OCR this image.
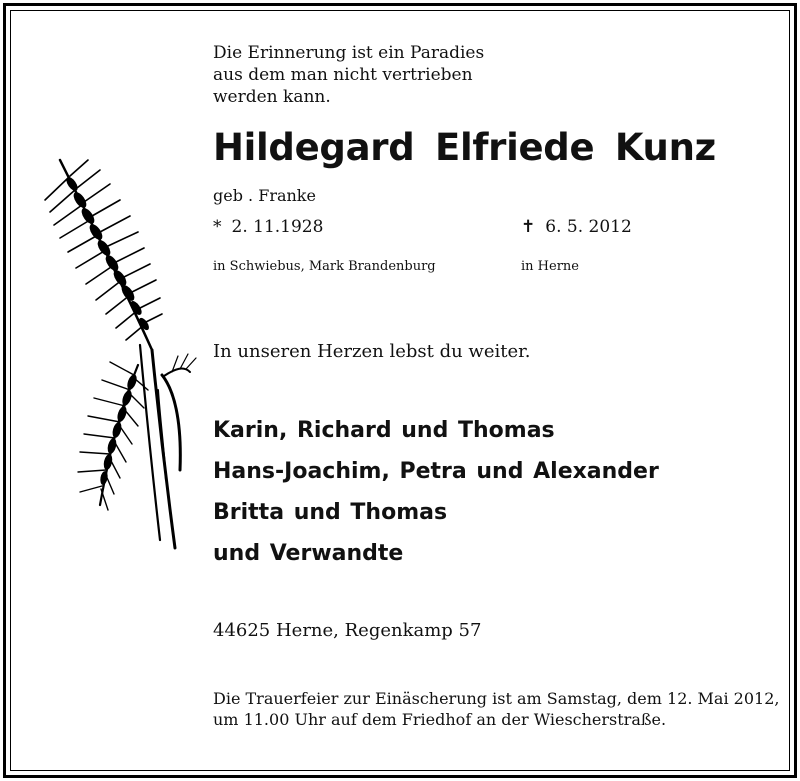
Die Erinnerung ist ein Paradies
aus dem man nicht vertrieben
werden kann.
Hildegard Elfriede Kunz
geb . Franke
* 2. 11.1928	✝ 6. 5. 2012
in Schwiebus, Mark Brandenburg	in Herne
In unseren Herzen lebst du weiter.
Karin, Richard und Thomas
Hans-Joachim, Petra und Alexander
Britta und Thomas
und Verwandte
44625 Herne, Regenkamp 57
Die Trauerfeier zur Einäscherung ist am Samstag, dem 12. Mai 2012,
um 11.00 Uhr auf dem Friedhof an der Wiescherstraße.
